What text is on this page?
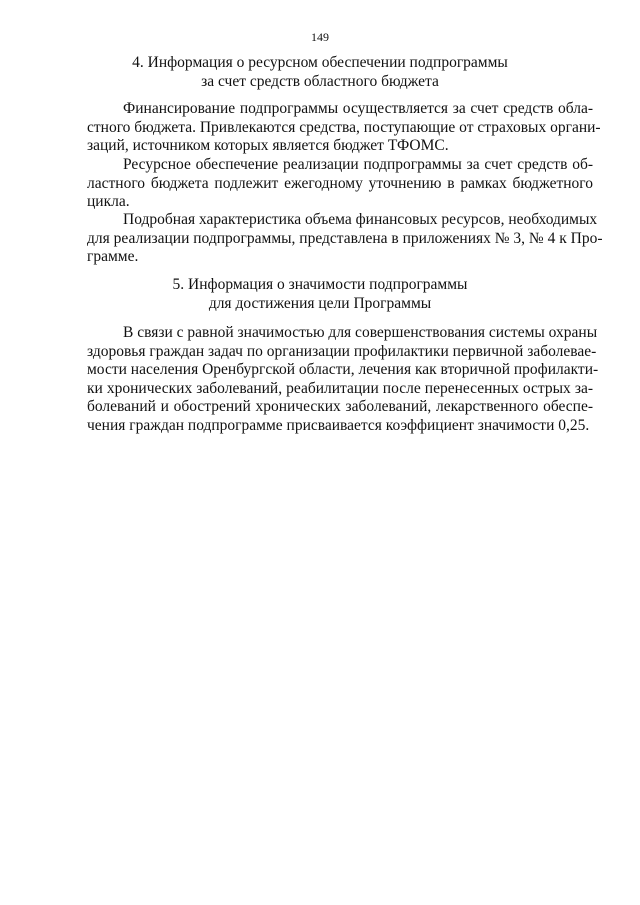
149
4. Информация о ресурсном обеспечении подпрограммы
за счет средств областного бюджета
Финансирование подпрограммы осуществляется за счет средств обла-
стного бюджета. Привлекаются средства, поступающие от страховых органи-
заций, источником которых является бюджет ТФОМС.
Ресурсное обеспечение реализации подпрограммы за счет средств об-
ластного бюджета подлежит ежегодному уточнению в рамках бюджетного
цикла.
Подробная характеристика объема финансовых ресурсов, необходимых
для реализации подпрограммы, представлена в приложениях № 3, № 4 к Про-
грамме.
5. Информация о значимости подпрограммы
для достижения цели Программы
В связи с равной значимостью для совершенствования системы охраны
здоровья граждан задач по организации профилактики первичной заболевае-
мости населения Оренбургской области, лечения как вторичной профилакти-
ки хронических заболеваний, реабилитации после перенесенных острых за-
болеваний и обострений хронических заболеваний, лекарственного обеспе-
чения граждан подпрограмме присваивается коэффициент значимости 0,25.
